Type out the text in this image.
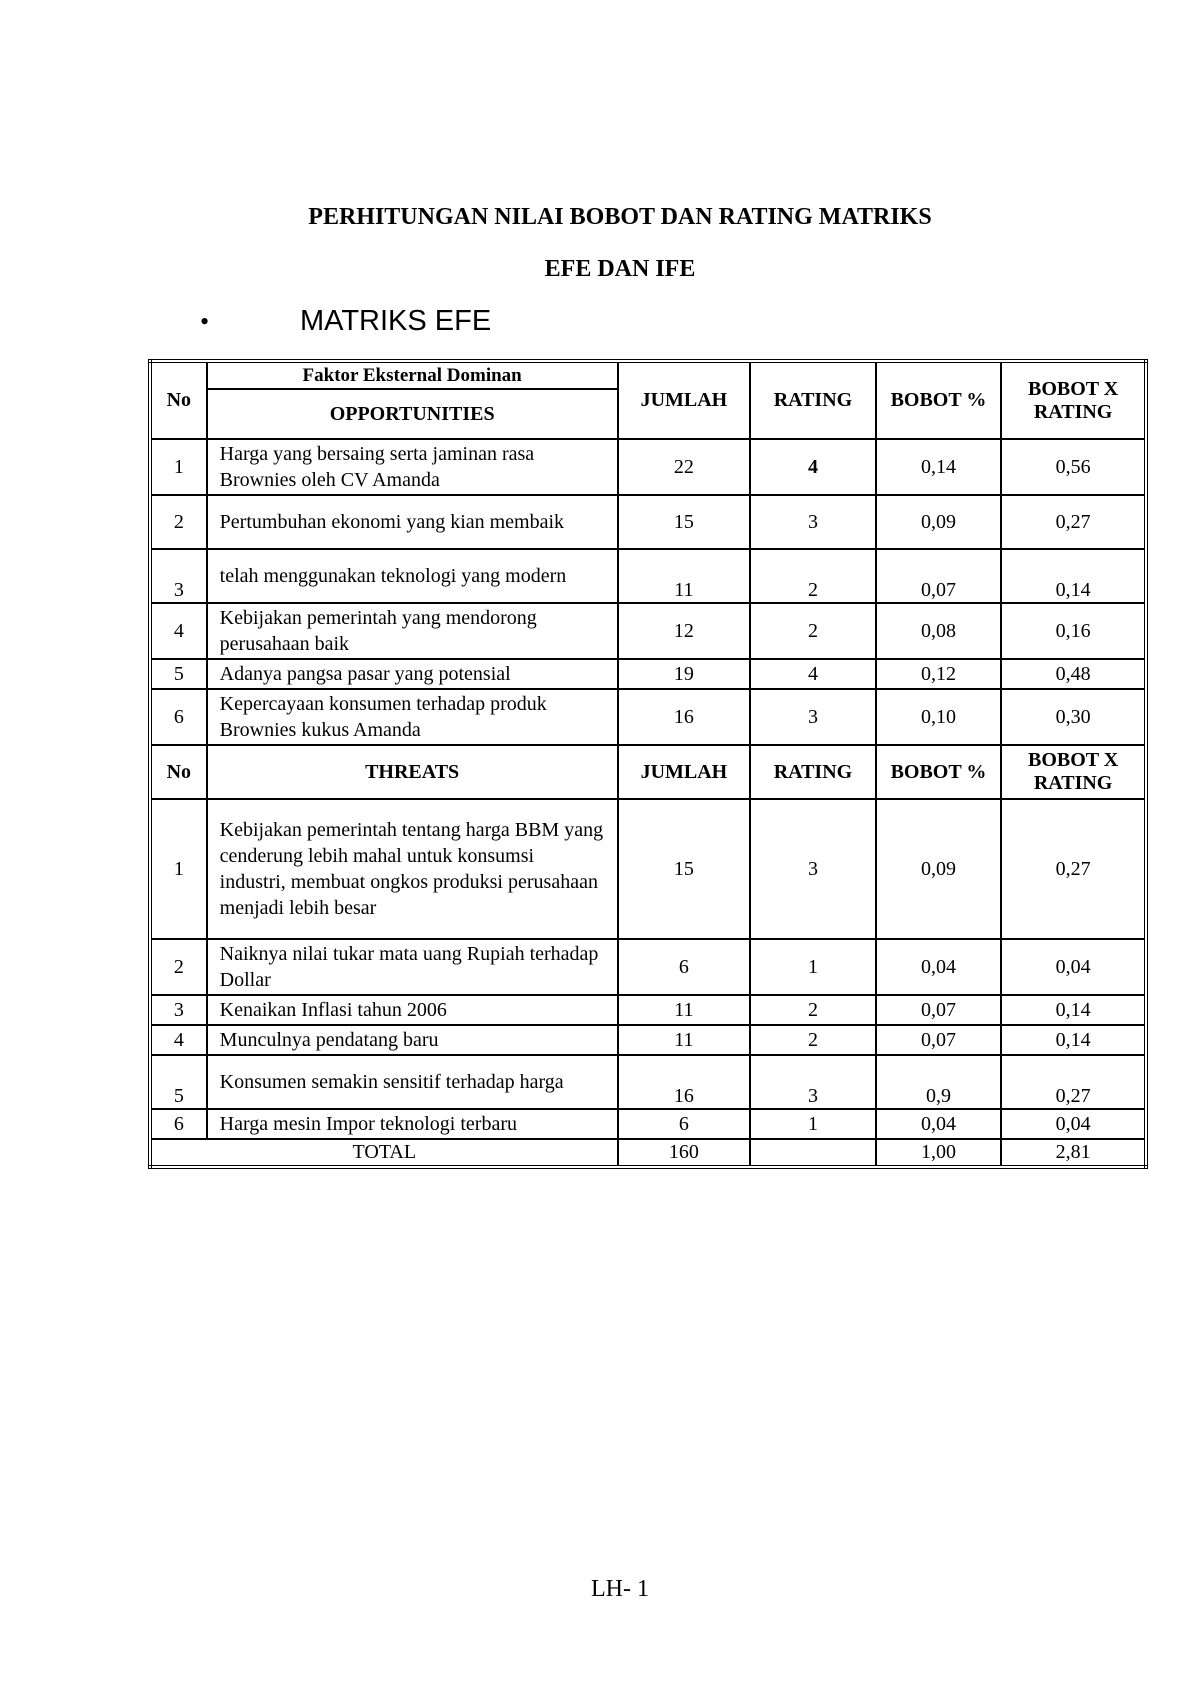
PERHITUNGAN NILAI BOBOT DAN RATING MATRIKS
EFE DAN IFE
•	MATRIKS EFE
No	Faktor Eksternal Dominan	JUMLAH	RATING	BOBOT %	BOBOT X RATING
	OPPORTUNITIES				
1	Harga yang bersaing serta jaminan rasa Brownies oleh CV Amanda	22	4	0,14	0,56
2	Pertumbuhan ekonomi yang kian membaik	15	3	0,09	0,27
3	telah menggunakan teknologi yang modern	11	2	0,07	0,14
4	Kebijakan pemerintah yang mendorong perusahaan baik	12	2	0,08	0,16
5	Adanya pangsa pasar yang potensial	19	4	0,12	0,48
6	Kepercayaan konsumen terhadap produk Brownies kukus Amanda	16	3	0,10	0,30
No	THREATS	JUMLAH	RATING	BOBOT %	BOBOT X RATING
1	Kebijakan pemerintah tentang harga BBM yang cenderung lebih mahal untuk konsumsi industri, membuat ongkos produksi perusahaan menjadi lebih besar	15	3	0,09	0,27
2	Naiknya nilai tukar mata uang Rupiah terhadap Dollar	6	1	0,04	0,04
3	Kenaikan Inflasi tahun 2006	11	2	0,07	0,14
4	Munculnya pendatang baru	11	2	0,07	0,14
5	Konsumen semakin sensitif terhadap harga	16	3	0,9	0,27
6	Harga mesin Impor teknologi terbaru	6	1	0,04	0,04
TOTAL		160		1,00	2,81
LH- 1
